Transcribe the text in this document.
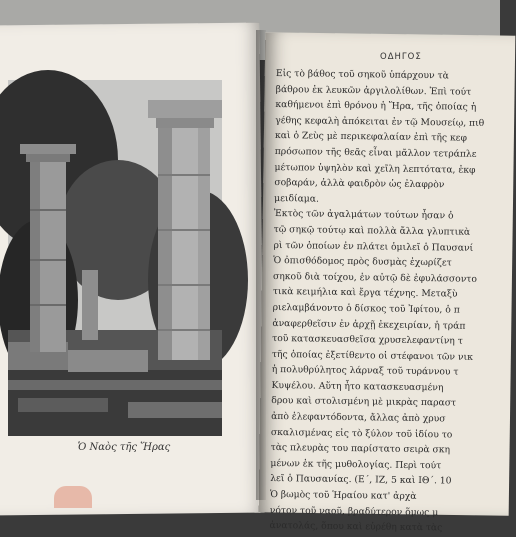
Ὁ Ναὸς τῆς Ἥρας
ΟΔΗΓΟΣ
Εἰς τὸ βάθος τοῦ σηκοῦ ὑπάρχουν τὰ
βάθρου ἐκ λευκῶν ἀργιλολίθων. Ἐπὶ τούτ
καθήμενοι ἐπὶ θρόνου ἡ Ἥρα, τῆς ὁποίας ἡ
γέθης κεφαλὴ ἀπόκειται ἐν τῷ Μουσείῳ, πιθ
καὶ ὁ Ζεὺς μὲ περικεφαλαίαν ἐπὶ τῆς κεφ
πρόσωπον τῆς θεᾶς εἶναι μᾶλλον τετράπλε
μέτωπον ὑψηλὸν καὶ χεῖλη λεπτότατα, ἐκφ
σοβαράν, ἀλλὰ φαιδρὸν ὡς ἐλαφρὸν
μειδίαμα.
Ἐκτὸς τῶν ἀγαλμάτων τούτων ἦσαν ὁ
τῷ σηκῷ τούτῳ καὶ πολλὰ ἄλλα γλυπτικὰ
ρὶ τῶν ὁποίων ἐν πλάτει ὁμιλεῖ ὁ Παυσανί
Ὁ ὀπισθόδομος πρὸς δυσμὰς ἐχωρίζετ
σηκοῦ διὰ τοίχου, ἐν αὐτῷ δὲ ἐφυλάσσοντο
τικὰ κειμήλια καὶ ἔργα τέχνης. Μεταξὺ
ριελαμβάνοντο ὁ δίσκος τοῦ Ἰφίτου, ὁ π
ἀναφερθεῖσιν ἐν ἀρχῇ ἐκεχειρίαν, ἡ τράπ
τοῦ κατασκευασθεῖσα χρυσελεφαντίνη τ
τῆς ὁποίας ἐξετίθεντο οἱ στέφανοι τῶν νικ
ἡ πολυθρύλητος λάρναξ τοῦ τυράννου τ
Κυψέλου. Αὕτη ἦτο κατασκευασμένη
δρου καὶ στολισμένη μὲ μικρὰς παραστ
ἀπὸ ἐλεφαντόδοντα, ἄλλας ἀπὸ χρυσ
σκαλισμένας εἰς τὸ ξύλον τοῦ ἰδίου το
τὰς πλευρὰς του παρίστατο σειρὰ σκη
μένων ἐκ τῆς μυθολογίας. Περὶ τούτ
λεῖ ὁ Παυσανίας. (Ε΄, ΙΖ, 5 καὶ ΙΘ΄. 10
Ὁ βωμὸς τοῦ Ἡραίου κατ' ἀρχὰ
νότον τοῦ ναοῦ, βραδύτερον ὅμως μ
ἀνατολάς, ὅπου καὶ εὑρέθη κατὰ τὰς
